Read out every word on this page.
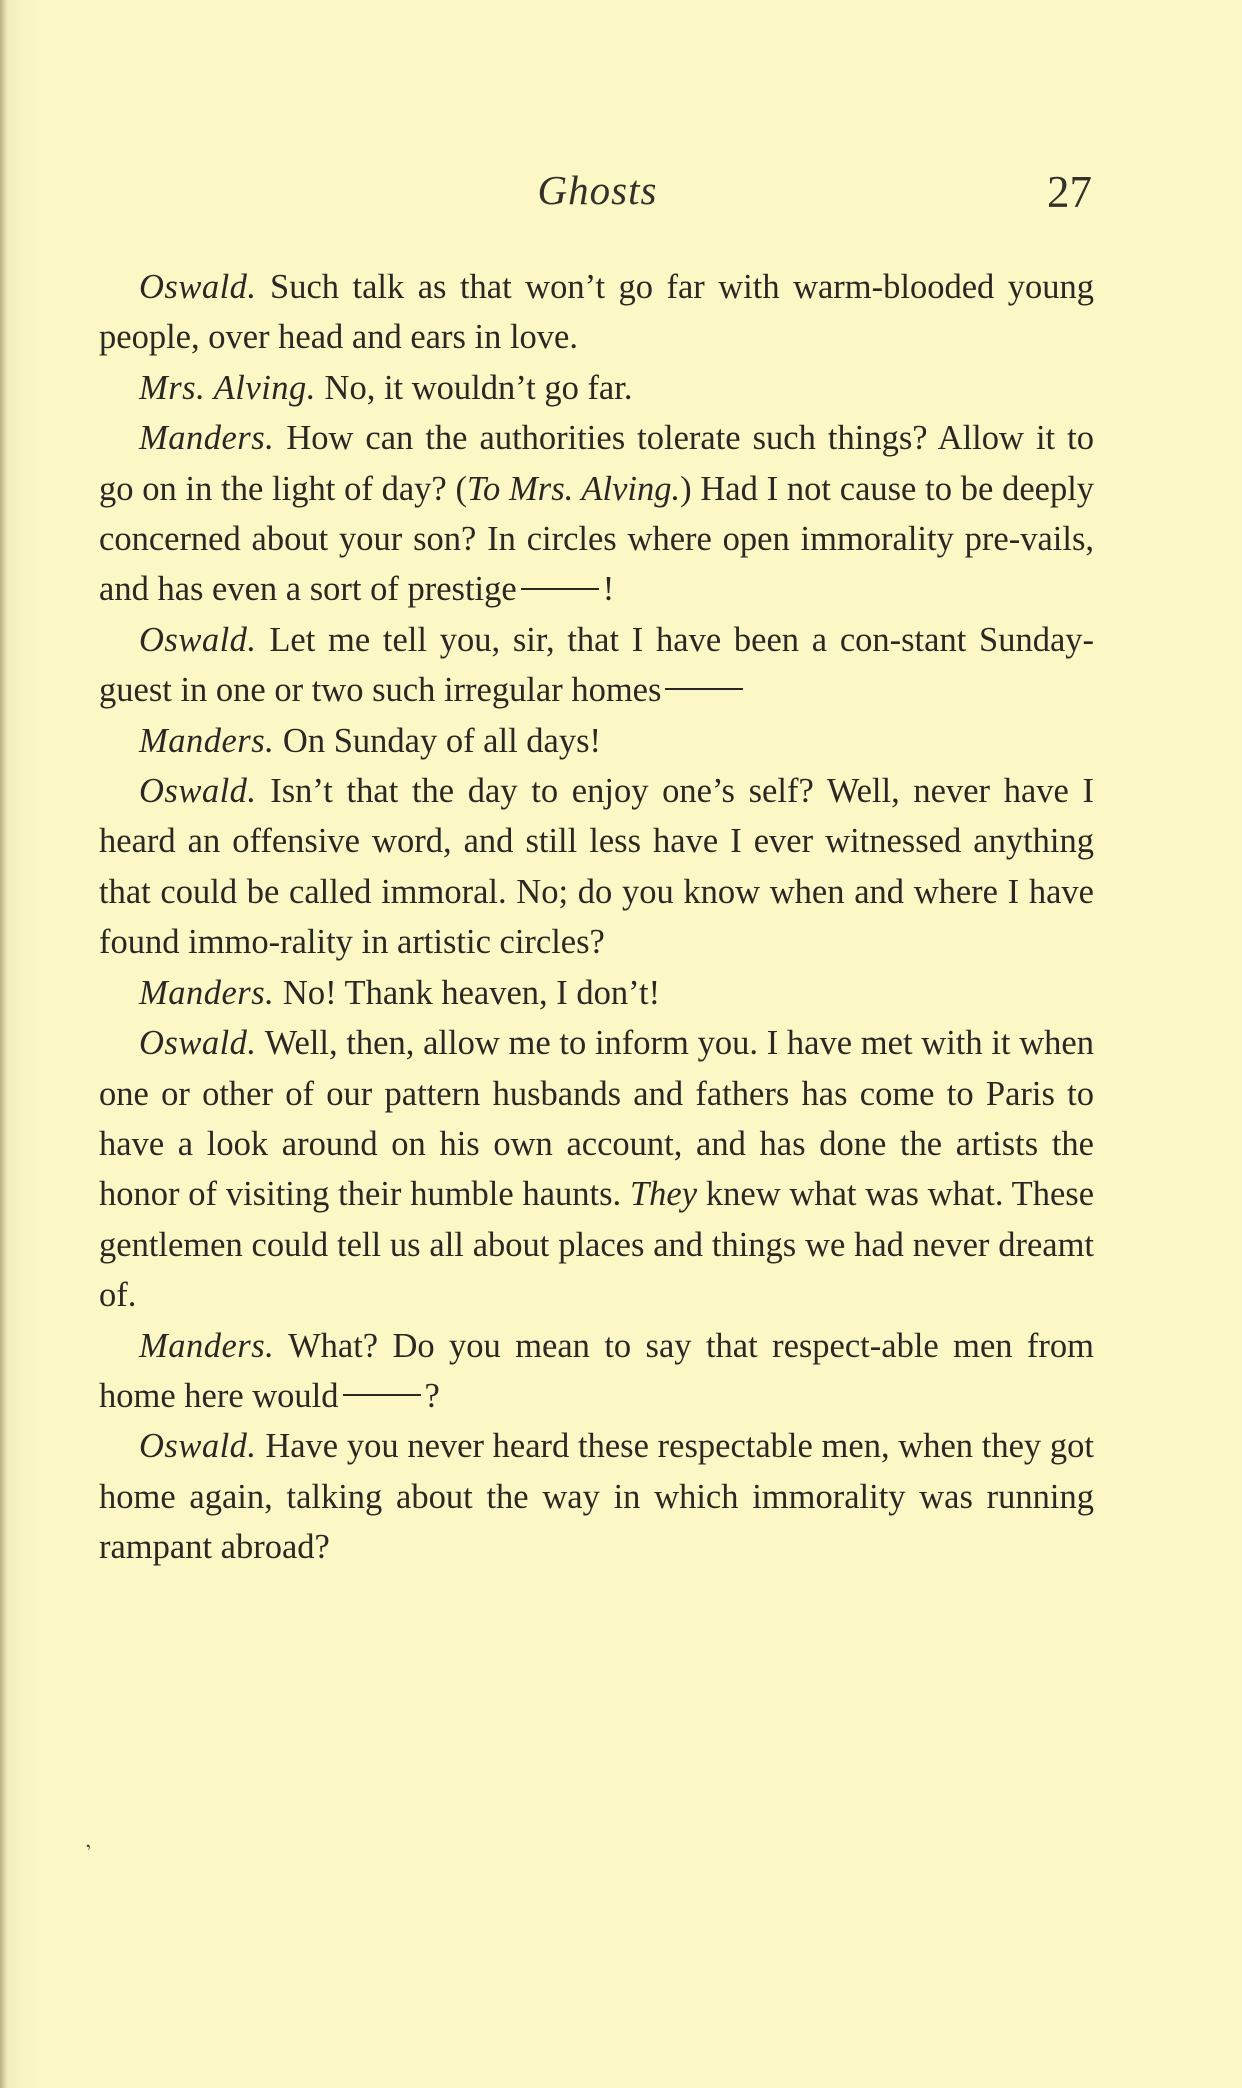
Ghosts	27

Oswald. Such talk as that won’t go far with warm-blooded young people, over head and ears in love.

Mrs. Alving. No, it wouldn’t go far.

Manders. How can the authorities tolerate such things? Allow it to go on in the light of day? (To Mrs. Alving.) Had I not cause to be deeply concerned about your son? In circles where open immorality pre-vails, and has even a sort of prestige !

Oswald. Let me tell you, sir, that I have been a con-stant Sunday-guest in one or two such irregular homes

Manders. On Sunday of all days!

Oswald. Isn’t that the day to enjoy one’s self? Well, never have I heard an offensive word, and still less have I ever witnessed anything that could be called immoral. No; do you know when and where I have found immo-rality in artistic circles?

Manders. No! Thank heaven, I don’t!

Oswald. Well, then, allow me to inform you. I have met with it when one or other of our pattern husbands and fathers has come to Paris to have a look around on his own account, and has done the artists the honor of visiting their humble haunts. They knew what was what. These gentlemen could tell us all about places and things we had never dreamt of.

Manders. What? Do you mean to say that respect-able men from home here would ?

Oswald. Have you never heard these respectable men, when they got home again, talking about the way in which immorality was running rampant abroad?

ʼ
